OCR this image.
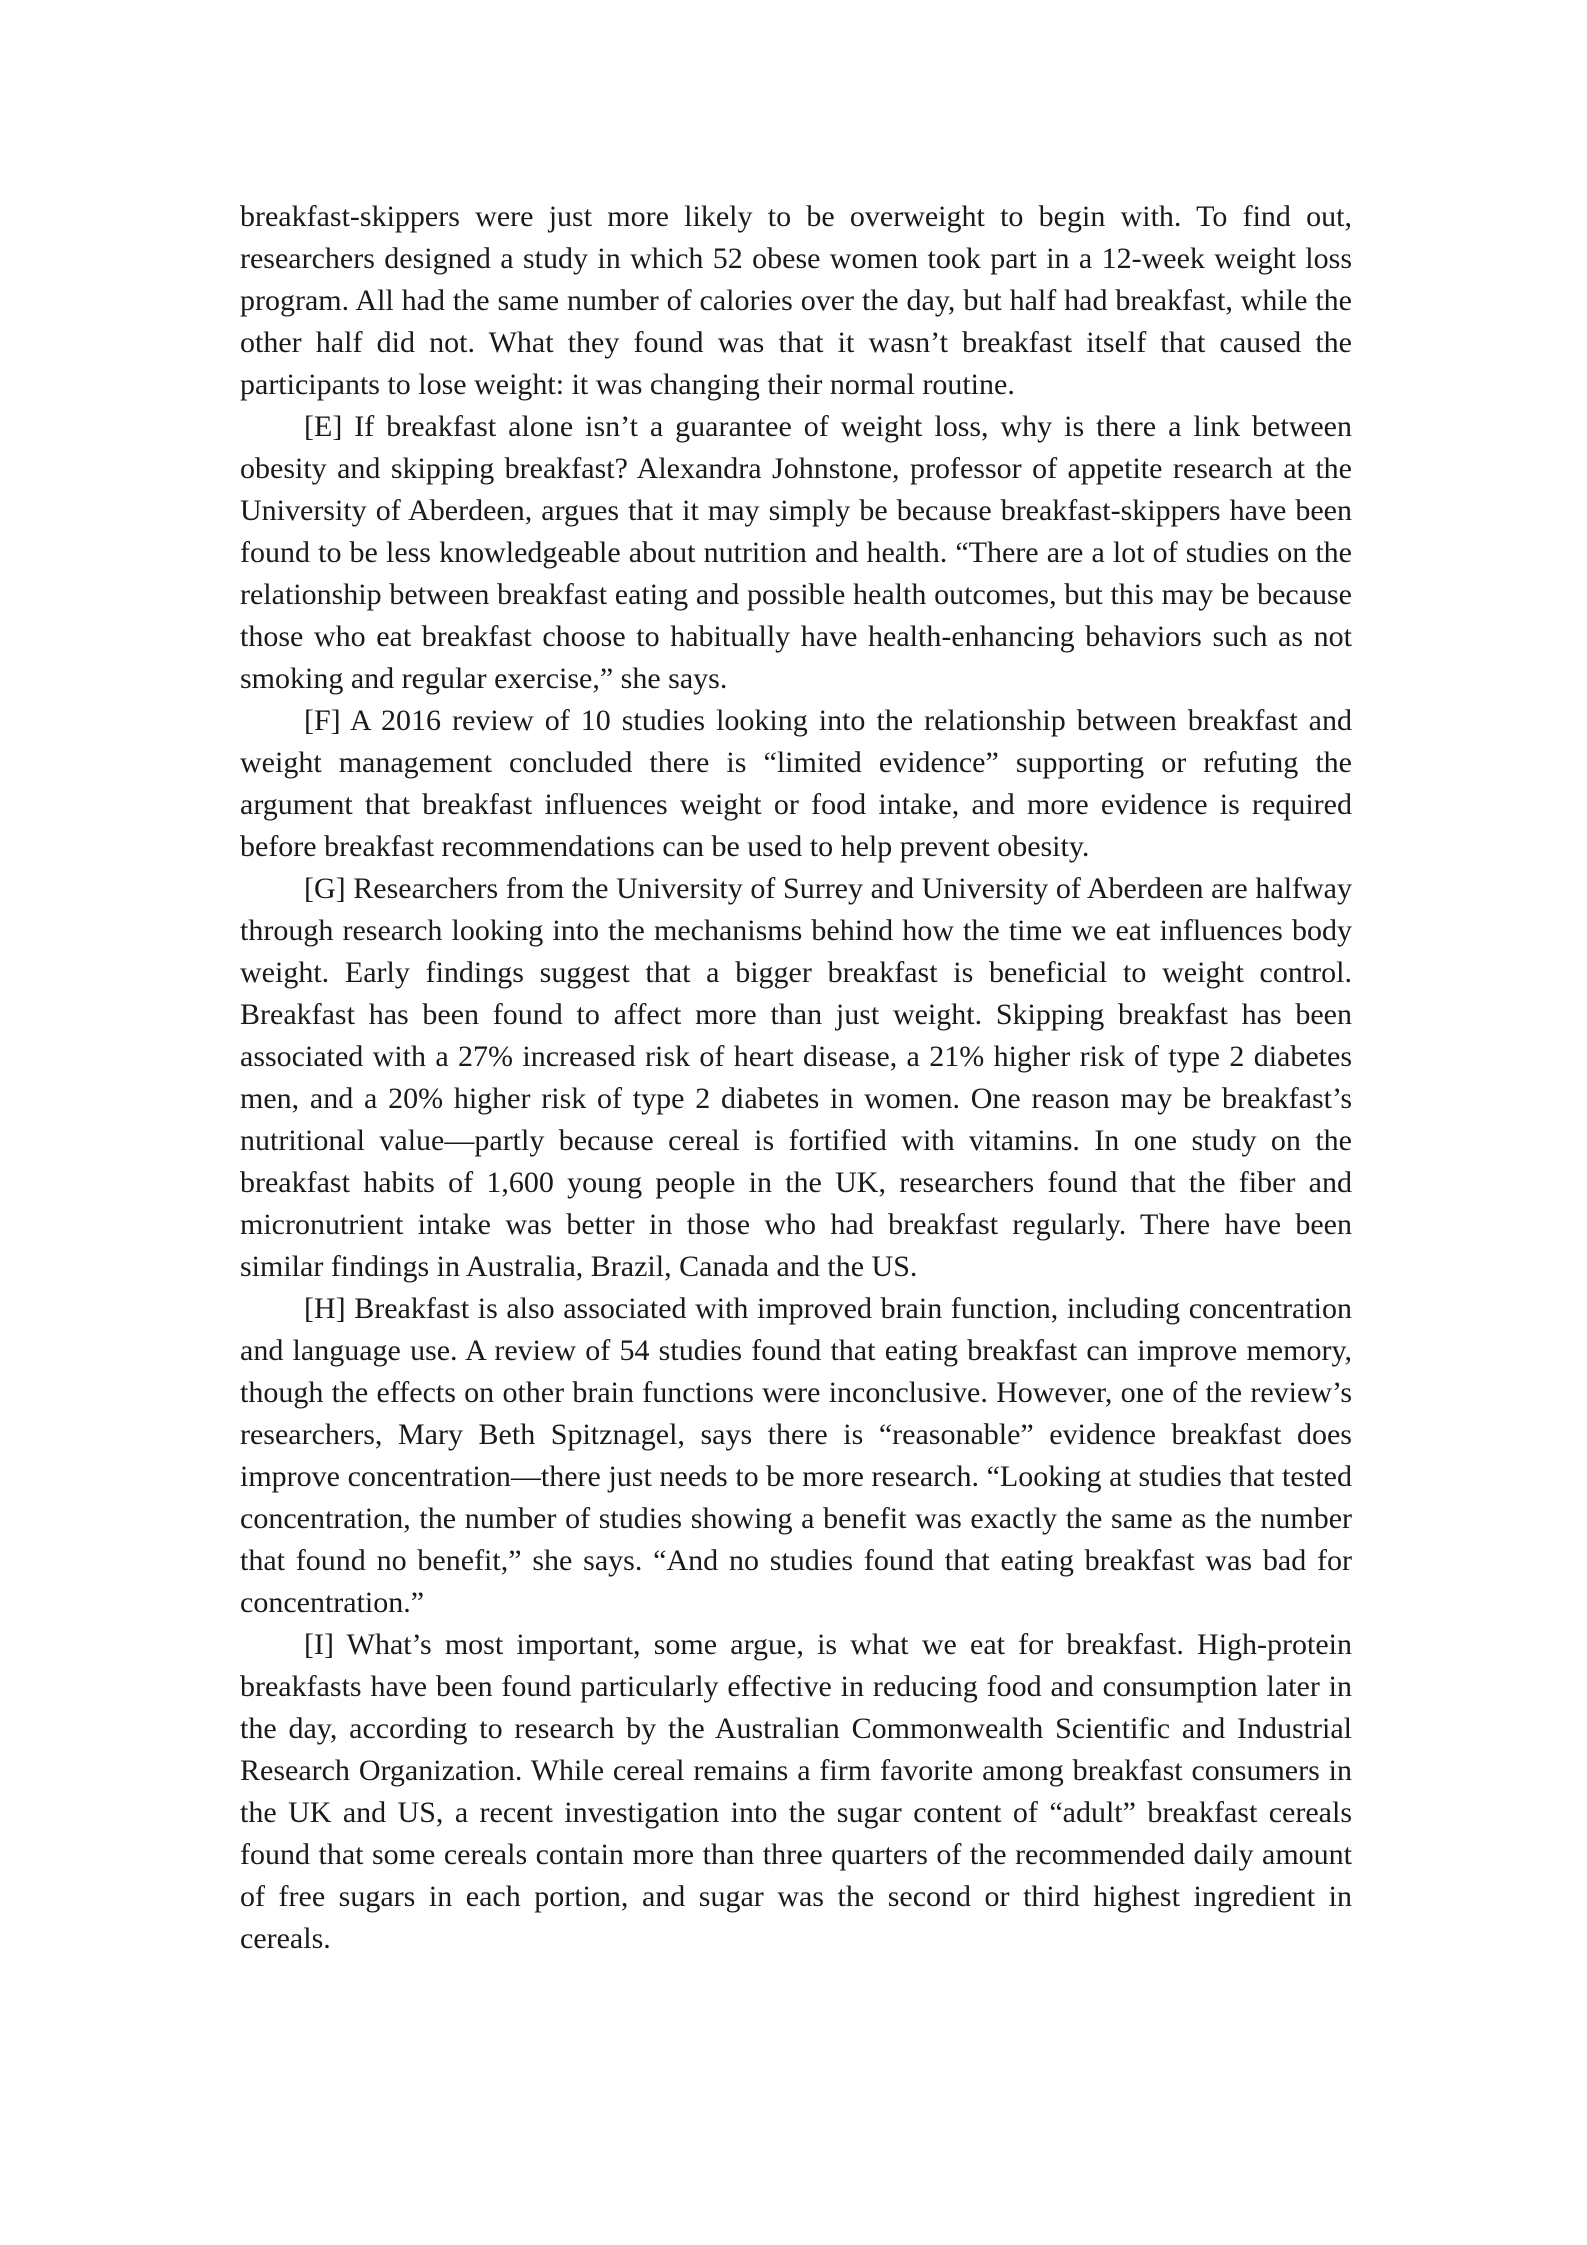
breakfast-skippers were just more likely to be overweight to begin with. To find out, researchers designed a study in which 52 obese women took part in a 12-week weight loss program. All had the same number of calories over the day, but half had breakfast, while the other half did not. What they found was that it wasn’t breakfast itself that caused the participants to lose weight: it was changing their normal routine.

[E] If breakfast alone isn’t a guarantee of weight loss, why is there a link between obesity and skipping breakfast? Alexandra Johnstone, professor of appetite research at the University of Aberdeen, argues that it may simply be because breakfast-skippers have been found to be less knowledgeable about nutrition and health. “There are a lot of studies on the relationship between breakfast eating and possible health outcomes, but this may be because those who eat breakfast choose to habitually have health-enhancing behaviors such as not smoking and regular exercise,” she says.

[F] A 2016 review of 10 studies looking into the relationship between breakfast and weight management concluded there is “limited evidence” supporting or refuting the argument that breakfast influences weight or food intake, and more evidence is required before breakfast recommendations can be used to help prevent obesity.

[G] Researchers from the University of Surrey and University of Aberdeen are halfway through research looking into the mechanisms behind how the time we eat influences body weight. Early findings suggest that a bigger breakfast is beneficial to weight control. Breakfast has been found to affect more than just weight. Skipping breakfast has been associated with a 27% increased risk of heart disease, a 21% higher risk of type 2 diabetes men, and a 20% higher risk of type 2 diabetes in women. One reason may be breakfast’s nutritional value—partly because cereal is fortified with vitamins. In one study on the breakfast habits of 1,600 young people in the UK, researchers found that the fiber and micronutrient intake was better in those who had breakfast regularly. There have been similar findings in Australia, Brazil, Canada and the US.

[H] Breakfast is also associated with improved brain function, including concentration and language use. A review of 54 studies found that eating breakfast can improve memory, though the effects on other brain functions were inconclusive. However, one of the review’s researchers, Mary Beth Spitznagel, says there is “reasonable” evidence breakfast does improve concentration—there just needs to be more research. “Looking at studies that tested concentration, the number of studies showing a benefit was exactly the same as the number that found no benefit,” she says. “And no studies found that eating breakfast was bad for concentration.”

[I] What’s most important, some argue, is what we eat for breakfast. High-protein breakfasts have been found particularly effective in reducing food and consumption later in the day, according to research by the Australian Commonwealth Scientific and Industrial Research Organization. While cereal remains a firm favorite among breakfast consumers in the UK and US, a recent investigation into the sugar content of “adult” breakfast cereals found that some cereals contain more than three quarters of the recommended daily amount of free sugars in each portion, and sugar was the second or third highest ingredient in cereals.
